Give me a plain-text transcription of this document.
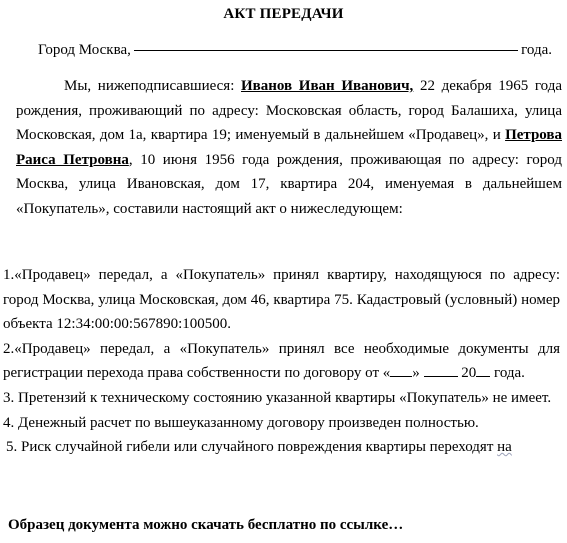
АКТ ПЕРЕДАЧИ
Город Москва,	года.
Мы, нижеподписавшиеся: Иванов Иван Иванович, 22 декабря 1965 года рождения, проживающий по адресу: Московская область, город Балашиха, улица Московская, дом 1а, квартира 19; именуемый в дальнейшем «Продавец», и Петрова Раиса Петровна, 10 июня 1956 года рождения, проживающая по адресу: город Москва, улица Ивановская, дом 17, квартира 204, именуемая в дальнейшем «Покупатель», составили настоящий акт о нижеследующем:

1.«Продавец» передал, а «Покупатель» принял квартиру, находящуюся по адресу: город Москва, улица Московская, дом 46, квартира 75. Кадастровый (условный) номер объекта 12:34:00:00:567890:100500.

2.«Продавец» передал, а «Покупатель» принял все необходимые документы для регистрации перехода права собственности по договору от « »	20 года.

3. Претензий к техническому состоянию указанной квартиры «Покупатель» не имеет.

4. Денежный расчет по вышеуказанному договору произведен полностью.

5. Риск случайной гибели или случайного повреждения квартиры переходят на

Образец документа можно скачать бесплатно по ссылке…
